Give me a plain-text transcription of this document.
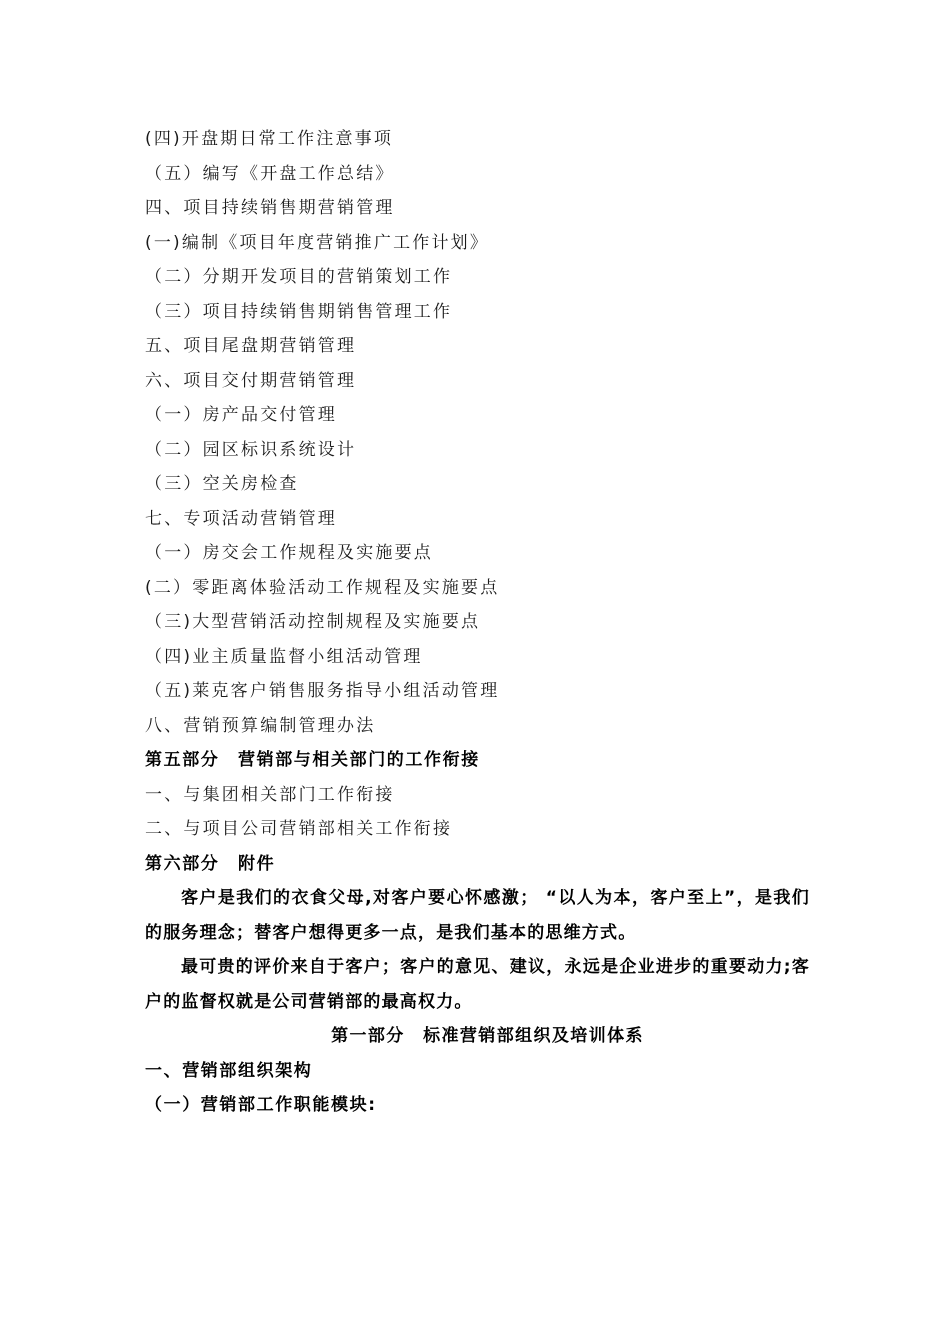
(四)开盘期日常工作注意事项
（五）编写《开盘工作总结》
四、项目持续销售期营销管理
(一)编制《项目年度营销推广工作计划》
（二）分期开发项目的营销策划工作
（三）项目持续销售期销售管理工作
五、项目尾盘期营销管理
六、项目交付期营销管理
（一）房产品交付管理
（二）园区标识系统设计
（三）空关房检查
七、专项活动营销管理
（一）房交会工作规程及实施要点
(二）零距离体验活动工作规程及实施要点
（三)大型营销活动控制规程及实施要点
（四)业主质量监督小组活动管理
（五)莱克客户销售服务指导小组活动管理
八、营销预算编制管理办法
第五部分　营销部与相关部门的工作衔接
一、与集团相关部门工作衔接
二、与项目公司营销部相关工作衔接
第六部分　附件

客户是我们的衣食父母,对客户要心怀感激； “以人为本，客户至上”，是我们的服务理念；替客户想得更多一点，是我们基本的思维方式。

最可贵的评价来自于客户；客户的意见、建议，永远是企业进步的重要动力;客户的监督权就是公司营销部的最高权力。

第一部分　标准营销部组织及培训体系
一、营销部组织架构
（一）营销部工作职能模块:
